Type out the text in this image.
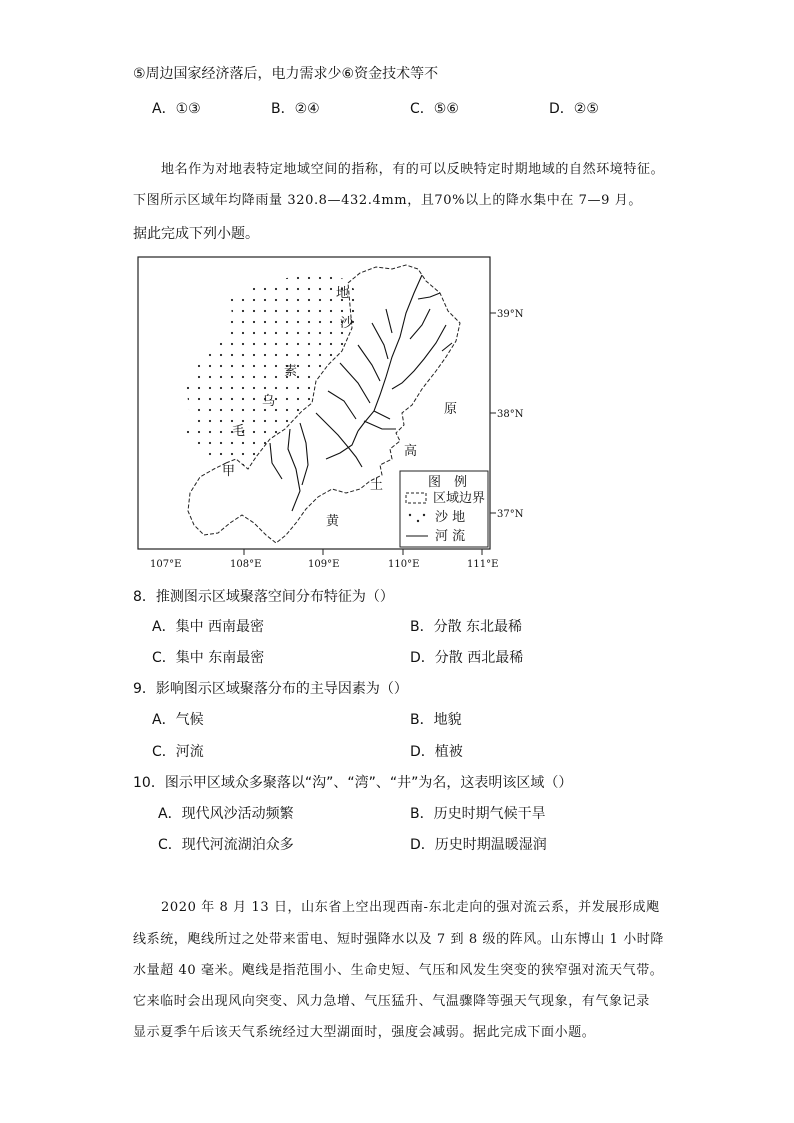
⑤周边国家经济落后，电力需求少⑥资金技术等不
A．①③	B．②④	C．⑤⑥	D．②⑤
地名作为对地表特定地域空间的指称，有的可以反映特定时期地域的自然环境特征。
下图所示区域年均降雨量 320.8—432.4mm，且70%以上的降水集中在 7—9 月。
据此完成下列小题。
地
沙
素
乌
毛
甲
原
高
土
黄
图　例
区域边界
沙 地
河 流
39°N
38°N
37°N
107°E	108°E	109°E	110°E	111°E
8．推测图示区域聚落空间分布特征为（）
A．集中 西南最密	B．分散 东北最稀
C．集中 东南最密	D．分散 西北最稀
9．影响图示区域聚落分布的主导因素为（）
A．气候	B．地貌
C．河流	D．植被
10．图示甲区域众多聚落以“沟”、“湾”、“井”为名，这表明该区域（）
A．现代风沙活动频繁	B．历史时期气候干旱
C．现代河流湖泊众多	D．历史时期温暖湿润
2020 年 8 月 13 日，山东省上空出现西南-东北走向的强对流云系，并发展形成飑
线系统，飑线所过之处带来雷电、短时强降水以及 7 到 8 级的阵风。山东博山 1 小时降
水量超 40 毫米。飑线是指范围小、生命史短、气压和风发生突变的狭窄强对流天气带。
它来临时会出现风向突变、风力急增、气压猛升、气温骤降等强天气现象，有气象记录
显示夏季午后该天气系统经过大型湖面时，强度会减弱。据此完成下面小题。
